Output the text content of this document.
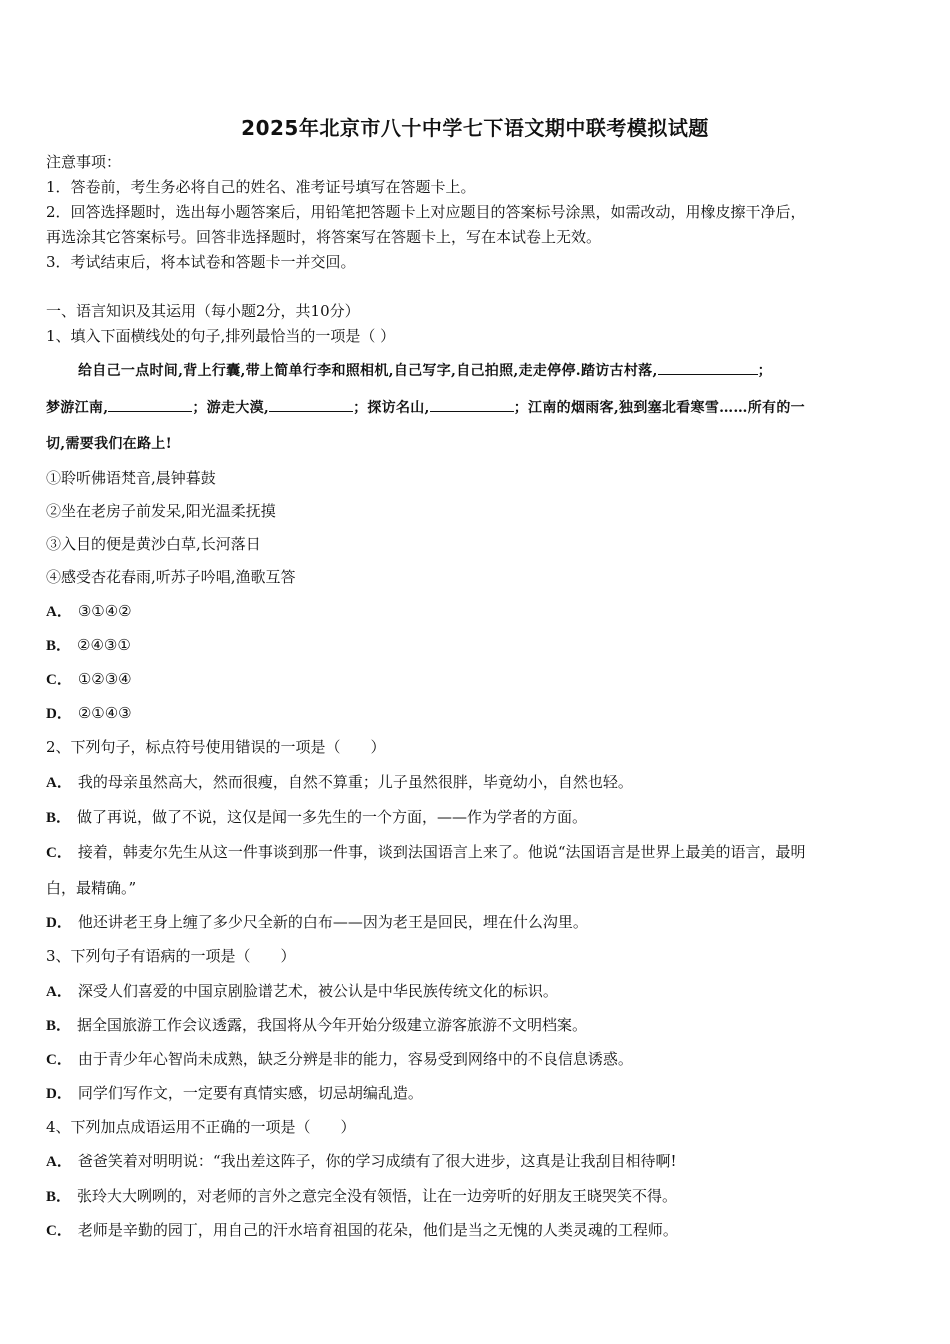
2025年北京市八十中学七下语文期中联考模拟试题
注意事项：
1．答卷前，考生务必将自己的姓名、准考证号填写在答题卡上。
2．回答选择题时，选出每小题答案后，用铅笔把答题卡上对应题目的答案标号涂黑，如需改动，用橡皮擦干净后，
再选涂其它答案标号。回答非选择题时，将答案写在答题卡上，写在本试卷上无效。
3．考试结束后，将本试卷和答题卡一并交回。
一、语言知识及其运用（每小题2分，共10分）
1、填入下面横线处的句子,排列最恰当的一项是（ ）
给自己一点时间,背上行囊,带上简单行李和照相机,自己写字,自己拍照,走走停停.踏访古村落,	；
梦游江南,	；游走大漠,	；探访名山,	；江南的烟雨客,独到塞北看寒雪……所有的一
切,需要我们在路上!
①聆听佛语梵音,晨钟暮鼓
②坐在老房子前发呆,阳光温柔抚摸
③入目的便是黄沙白草,长河落日
④感受杏花春雨,听苏子吟唱,渔歌互答
A． ③①④②
B． ②④③①
C． ①②③④
D． ②①④③
2、下列句子，标点符号使用错误的一项是（　　）
A． 我的母亲虽然高大，然而很瘦，自然不算重；儿子虽然很胖，毕竟幼小，自然也轻。
B． 做了再说，做了不说，这仅是闻一多先生的一个方面，——作为学者的方面。
C． 接着，韩麦尔先生从这一件事谈到那一件事，谈到法国语言上来了。他说“法国语言是世界上最美的语言，最明
白，最精确。”
D． 他还讲老王身上缠了多少尺全新的白布——因为老王是回民，埋在什么沟里。
3、下列句子有语病的一项是（　　）
A． 深受人们喜爱的中国京剧脸谱艺术，被公认是中华民族传统文化的标识。
B． 据全国旅游工作会议透露，我国将从今年开始分级建立游客旅游不文明档案。
C． 由于青少年心智尚未成熟，缺乏分辨是非的能力，容易受到网络中的不良信息诱惑。
D． 同学们写作文，一定要有真情实感，切忌胡编乱造。
4、下列加点成语运用不正确的一项是（　　）
A． 爸爸笑着对明明说：“我出差这阵子，你的学习成绩有了很大进步，这真是让我刮目相待啊!
B． 张玲大大咧咧的，对老师的言外之意完全没有领悟，让在一边旁听的好朋友王晓哭笑不得。
C． 老师是辛勤的园丁，用自己的汗水培育祖国的花朵，他们是当之无愧的人类灵魂的工程师。
